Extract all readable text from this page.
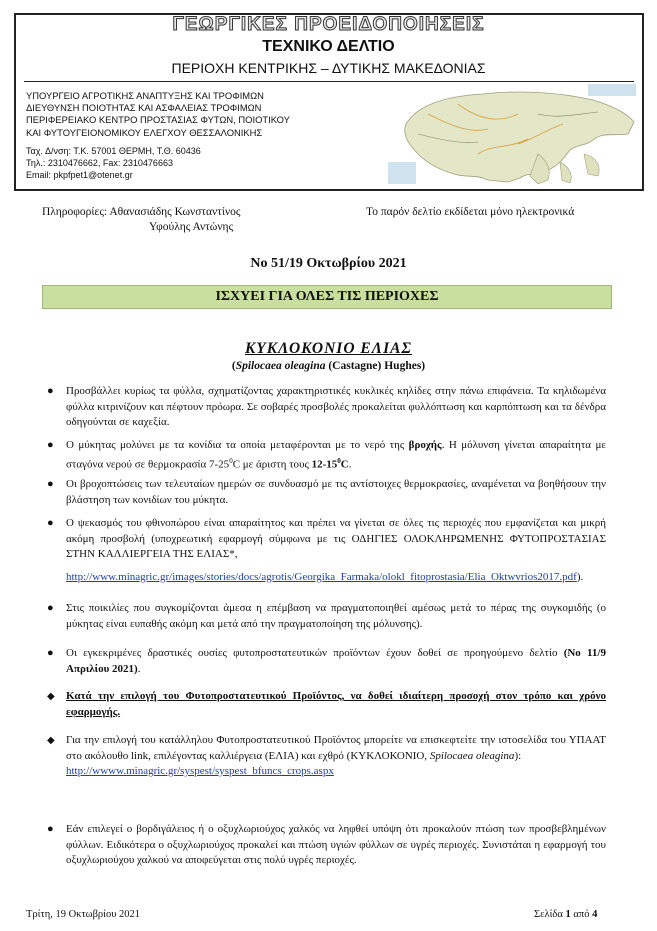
ΓΕΩΡΓΙΚΕΣ ΠΡΟΕΙΔΟΠΟΙΗΣΕΙΣ
ΤΕΧΝΙΚΟ ΔΕΛΤΙΟ
ΠΕΡΙΟΧΗ ΚΕΝΤΡΙΚΗΣ – ΔΥΤΙΚΗΣ ΜΑΚΕΔΟΝΙΑΣ
ΥΠΟΥΡΓΕΙΟ ΑΓΡΟΤΙΚΗΣ ΑΝΑΠΤΥΞΗΣ ΚΑΙ ΤΡΟΦΙΜΩΝ
ΔΙΕΥΘΥΝΣΗ ΠΟΙΟΤΗΤΑΣ ΚΑΙ ΑΣΦΑΛΕΙΑΣ ΤΡΟΦΙΜΩΝ
ΠΕΡΙΦΕΡΕΙΑΚΟ ΚΕΝΤΡΟ ΠΡΟΣΤΑΣΙΑΣ ΦΥΤΩΝ, ΠΟΙΟΤΙΚΟΥ
ΚΑΙ ΦΥΤΟΥΓΕΙΟΝΟΜΙΚΟΥ ΕΛΕΓΧΟΥ ΘΕΣΣΑΛΟΝΙΚΗΣ
Ταχ. Δ/νση: Τ.Κ. 57001 ΘΕΡΜΗ, Τ.Θ. 60436
Τηλ.: 2310476662, Fax: 2310476663
Email: pkpfpet1@otenet.gr
Πληροφορίες: Αθανασιάδης Κωνσταντίνος
Υφούλης Αντώνης
Το παρόν δελτίο εκδίδεται μόνο ηλεκτρονικά
Νο 51/19 Οκτωβρίου 2021
ΙΣΧΥΕΙ ΓΙΑ ΟΛΕΣ ΤΙΣ ΠΕΡΙΟΧΕΣ
ΚΥΚΛΟΚΟΝΙΟ ΕΛΙΑΣ
(Spilocaea oleagina (Castagne) Hughes)
● Προσβάλλει κυρίως τα φύλλα, σχηματίζοντας χαρακτηριστικές κυκλικές κηλίδες στην πάνω επιφάνεια. Τα κηλιδωμένα φύλλα κιτρινίζουν και πέφτουν πρόωρα. Σε σοβαρές προσβολές προκαλείται φυλλόπτωση και καρπόπτωση και τα δένδρα οδηγούνται σε καχεξία.
● Ο μύκητας μολύνει με τα κονίδια τα οποία μεταφέρονται με το νερό της βροχής. Η μόλυνση γίνεται απαραίτητα με σταγόνα νερού σε θερμοκρασία $7-25^0C$ με άριστη τους $12-15^0C$.
● Οι βροχοπτώσεις των τελευταίων ημερών σε συνδυασμό με τις αντίστοιχες θερμοκρασίες, αναμένεται να βοηθήσουν την βλάστηση των κονιδίων του μύκητα.
● Ο ψεκασμός του φθινοπώρου είναι απαραίτητος και πρέπει να γίνεται σε όλες τις περιοχές που εμφανίζεται και μικρή ακόμη προσβολή (υποχρεωτική εφαρμογή σύμφωνα με τις ΟΔΗΓΙΕΣ ΟΛΟΚΛΗΡΩΜΕΝΗΣ ΦΥΤΟΠΡΟΣΤΑΣΙΑΣ ΣΤΗΝ ΚΑΛΛΙΕΡΓΕΙΑ ΤΗΣ ΕΛΙΑΣ*,
http://www.minagric.gr/images/stories/docs/agrotis/Georgika_Farmaka/olokl_fitoprostasia/Elia_Oktwvrios2017.pdf).
● Στις ποικιλίες που συγκομίζονται άμεσα η επέμβαση να πραγματοποιηθεί αμέσως μετά το πέρας της συγκομιδής (ο μύκητας είναι ευπαθής ακόμη και μετά από την πραγματοποίηση της μόλυνσης).
● Οι εγκεκριμένες δραστικές ουσίες φυτοπροστατευτικών προϊόντων έχουν δοθεί σε προηγούμενο δελτίο (Νο 11/9 Απριλίου 2021).
◆ Κατά την επιλογή του Φυτοπροστατευτικού Προϊόντος, να δοθεί ιδιαίτερη προσοχή στον τρόπο και χρόνο εφαρμογής.
◆ Για την επιλογή του κατάλληλου Φυτοπροστατευτικού Προϊόντος μπορείτε να επισκεφτείτε την ιστοσελίδα του ΥΠΑΑΤ στο ακόλουθο link, επιλέγοντας καλλιέργεια (ΕΛΙΑ) και εχθρό (ΚΥΚΛΟΚΟΝΙΟ, Spilocaea oleagina):
http://wwww.minagric.gr/syspest/syspest_bfuncs_crops.aspx
● Εάν επιλεγεί ο βορδιγάλειος ή ο οξυχλωριούχος χαλκός να ληφθεί υπόψη ότι προκαλούν πτώση των προσβεβλημένων φύλλων. Ειδικότερα ο οξυχλωριούχος προκαλεί και πτώση υγιών φύλλων σε υγρές περιοχές. Συνιστάται η εφαρμογή του οξυχλωριούχου χαλκού να αποφεύγεται στις πολύ υγρές περιοχές.
Τρίτη, 19 Οκτωβρίου 2021	Σελίδα 1 από 4
